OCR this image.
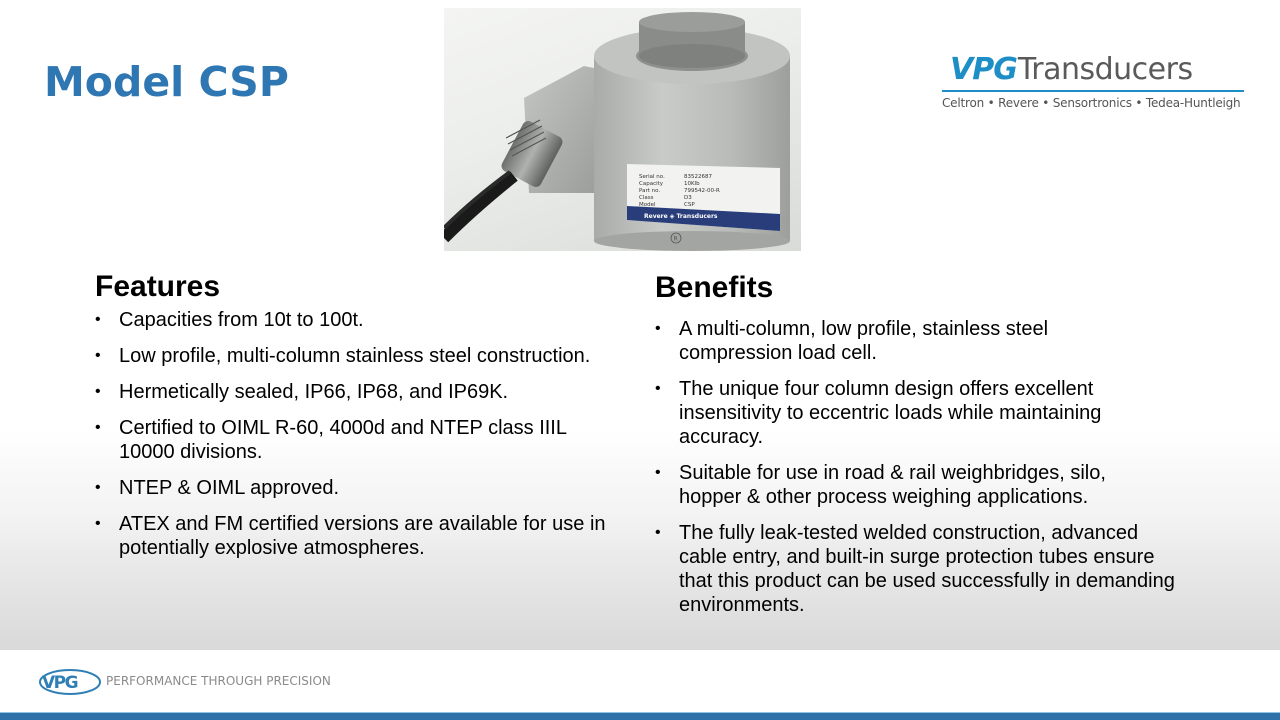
Model CSP
Serial no.	83522687
Capacity	10Klb
Part no.	799542-00-R
Class	D3
Model	CSP
Revere ◈ Transducers
R
VPG Transducers
Celtron • Revere • Sensortronics • Tedea-Huntleigh
Features
• Capacities from 10t to 100t.
• Low profile, multi-column stainless steel construction.
• Hermetically sealed, IP66, IP68, and IP69K.
• Certified to OIML R-60, 4000d and NTEP class IIIL 10000 divisions.
• NTEP & OIML approved.
• ATEX and FM certified versions are available for use in potentially explosive atmospheres.
Benefits
• A multi-column, low profile, stainless steel compression load cell.
• The unique four column design offers excellent insensitivity to eccentric loads while maintaining accuracy.
• Suitable for use in road & rail weighbridges, silo, hopper & other process weighing applications.
• The fully leak-tested welded construction, advanced cable entry, and built-in surge protection tubes ensure that this product can be used successfully in demanding environments.
VPG PERFORMANCE THROUGH PRECISION
